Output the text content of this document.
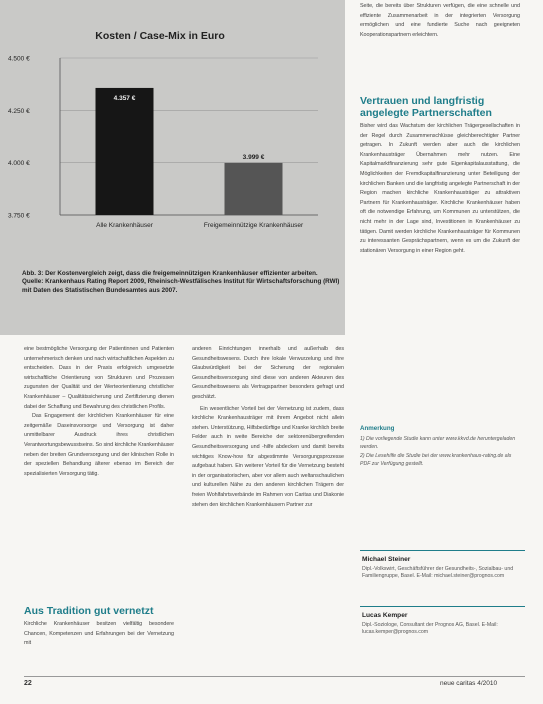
Kosten / Case-Mix in Euro
3.750 €
4.000 €
4.250 €
4.500 €
4.357 €
Alle Krankenhäuser
3.999 €
Freigemeinnützige Krankenhäuser
Abb. 3: Der Kostenvergleich zeigt, dass die freigemeinnützigen Krankenhäuser effizienter arbeiten.
Quelle: Krankenhaus Rating Report 2009, Rheinisch-Westfälisches Institut für Wirtschaftsforschung (RWI) mit Daten des Statistischen Bundesamtes aus 2007.

eine bestmögliche Versorgung der Patientinnen und Patienten unternehmerisch denken und nach wirtschaftlichen Aspekten zu entscheiden. Dass in der Praxis erfolgreich umgesetzte wirtschaftliche Orientierung von Strukturen und Prozessen zugunsten der Qualität und der Werteorientierung christlicher Krankenhäuser – Qualitätssicherung und Zertifizierung dienen dabei der Schaffung und Bewahrung des christlichen Profils.

Das Engagement der kirchlichen Krankenhäuser für eine zeitgemäße Daseinsvorsorge und Versorgung ist daher unmittelbarer Ausdruck ihres christlichen Verantwortungsbewusstseins. So sind kirchliche Krankenhäuser neben der breiten Grundversorgung und der klinischen Rolle in der speziellen Behandlung älterer ebenso im Bereich der spezialisierten Versorgung tätig.

Aus Tradition gut vernetzt
Kirchliche Krankenhäuser besitzen vielfältig besondere Chancen, Kompetenzen und Erfahrungen bei der Vernetzung mit

anderen Einrichtungen innerhalb und außerhalb des Gesundheitswesens. Durch ihre lokale Verwurzelung und ihre Glaubwürdigkeit bei der Sicherung der regionalen Gesundheitsversorgung sind diese von anderen Akteuren des Gesundheitswesens als Vertragspartner besonders gefragt und geschätzt.

Ein wesentlicher Vorteil bei der Vernetzung ist zudem, dass kirchliche Krankenhausträger mit ihrem Angebot nicht allein stehen. Unterstützung, Hilfsbedürftige und Kranke kirchlich breite Felder auch in weite Bereiche der sektorenübergreifenden Gesundheitsversorgung und -hilfe abdecken und damit bereits wichtiges Know-how für abgestimmte Versorgungsprozesse aufgebaut haben. Ein weiterer Vorteil für die Vernetzung besteht in der organisatorischen, aber vor allem auch weltanschaulichen und kulturellen Nähe zu den anderen kirchlichen Trägern der freien Wohlfahrtsverbände im Rahmen von Caritas und Diakonie stehen den kirchlichen Krankenhäusern Partner zur

Seite, die bereits über Strukturen verfügen, die eine schnelle und effiziente Zusammenarbeit in der integrierten Versorgung ermöglichen und eine fundierte Suche nach geeigneten Kooperationspartnern erleichtern.
Vertrauen und langfristig angelegte Partnerschaften
Bisher wird das Wachstum der kirchlichen Trägergesellschaften in der Regel durch Zusammenschlüsse gleichberechtigter Partner getragen. In Zukunft werden aber auch die kirchlichen Krankenhausträger Übernahmen mehr nutzen. Eine Kapitalmarktfinanzierung sehr gute Eigenkapitalausstattung, die Möglichkeiten der Fremdkapitalfinanzierung unter Beteiligung der kirchlichen Banken und die langfristig angelegte Partnerschaft in der Region machen kirchliche Krankenhausträger zu attraktiven Partnern für Krankenhausträger. Kirchliche Krankenhäuser haben oft die notwendige Erfahrung, um Kommunen zu unterstützen, die nicht mehr in der Lage sind, Investitionen in Krankenhäuser zu tätigen. Damit werden kirchliche Krankenhausträger für Kommunen zu interessanten Gesprächspartnern, wenn es um die Zukunft der stationären Versorgung in einer Region geht.
Anmerkung
1) Die vorliegende Studie kann unter www.kkvd.de heruntergeladen werden.
2) Die Lesehilfe die Studie bei der www.krankenhaus-rating.de als PDF zur Verfügung gestellt.
Michael Steiner
Dipl.-Volkswirt, Geschäftsführer der Gesundheits-, Sozialbau- und Familiengruppe, Basel. E-Mail: michael.steiner@prognos.com
Lucas Kemper
Dipl.-Soziologe, Consultant der Prognos AG, Basel. E-Mail: lucas.kemper@prognos.com
22	neue caritas 4/2010
